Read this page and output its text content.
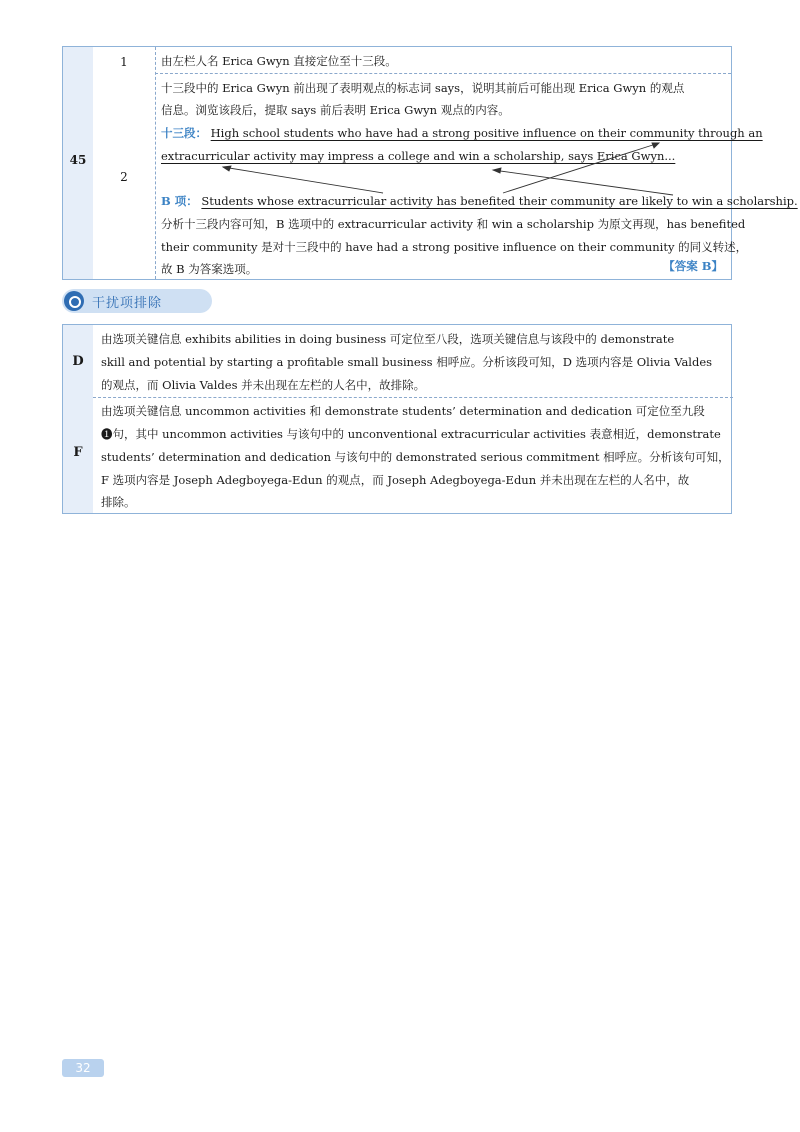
45
1
2
由左栏人名 Erica Gwyn 直接定位至十三段。
十三段中的 Erica Gwyn 前出现了表明观点的标志词 says，说明其前后可能出现 Erica Gwyn 的观点
信息。浏览该段后，提取 says 前后表明 Erica Gwyn 观点的内容。
十三段： High school students who have had a strong positive influence on their community through an
extracurricular activity may impress a college and win a scholarship, says Erica Gwyn...
B 项： Students whose extracurricular activity has benefited their community are likely to win a scholarship.
分析十三段内容可知，B 选项中的 extracurricular activity 和 win a scholarship 为原文再现，has benefited
their community 是对十三段中的 have had a strong positive influence on their community 的同义转述，
故 B 为答案选项。	【答案 B】
干扰项排除
D
F
由选项关键信息 exhibits abilities in doing business 可定位至八段，选项关键信息与该段中的 demonstrate
skill and potential by starting a profitable small business 相呼应。分析该段可知，D 选项内容是 Olivia Valdes
的观点，而 Olivia Valdes 并未出现在左栏的人名中，故排除。
由选项关键信息 uncommon activities 和 demonstrate students’ determination and dedication 可定位至九段
❶句，其中 uncommon activities 与该句中的 unconventional extracurricular activities 表意相近，demonstrate
students’ determination and dedication 与该句中的 demonstrated serious commitment 相呼应。分析该句可知，
F 选项内容是 Joseph Adegboyega-Edun 的观点，而 Joseph Adegboyega-Edun 并未出现在左栏的人名中，故
排除。
32
